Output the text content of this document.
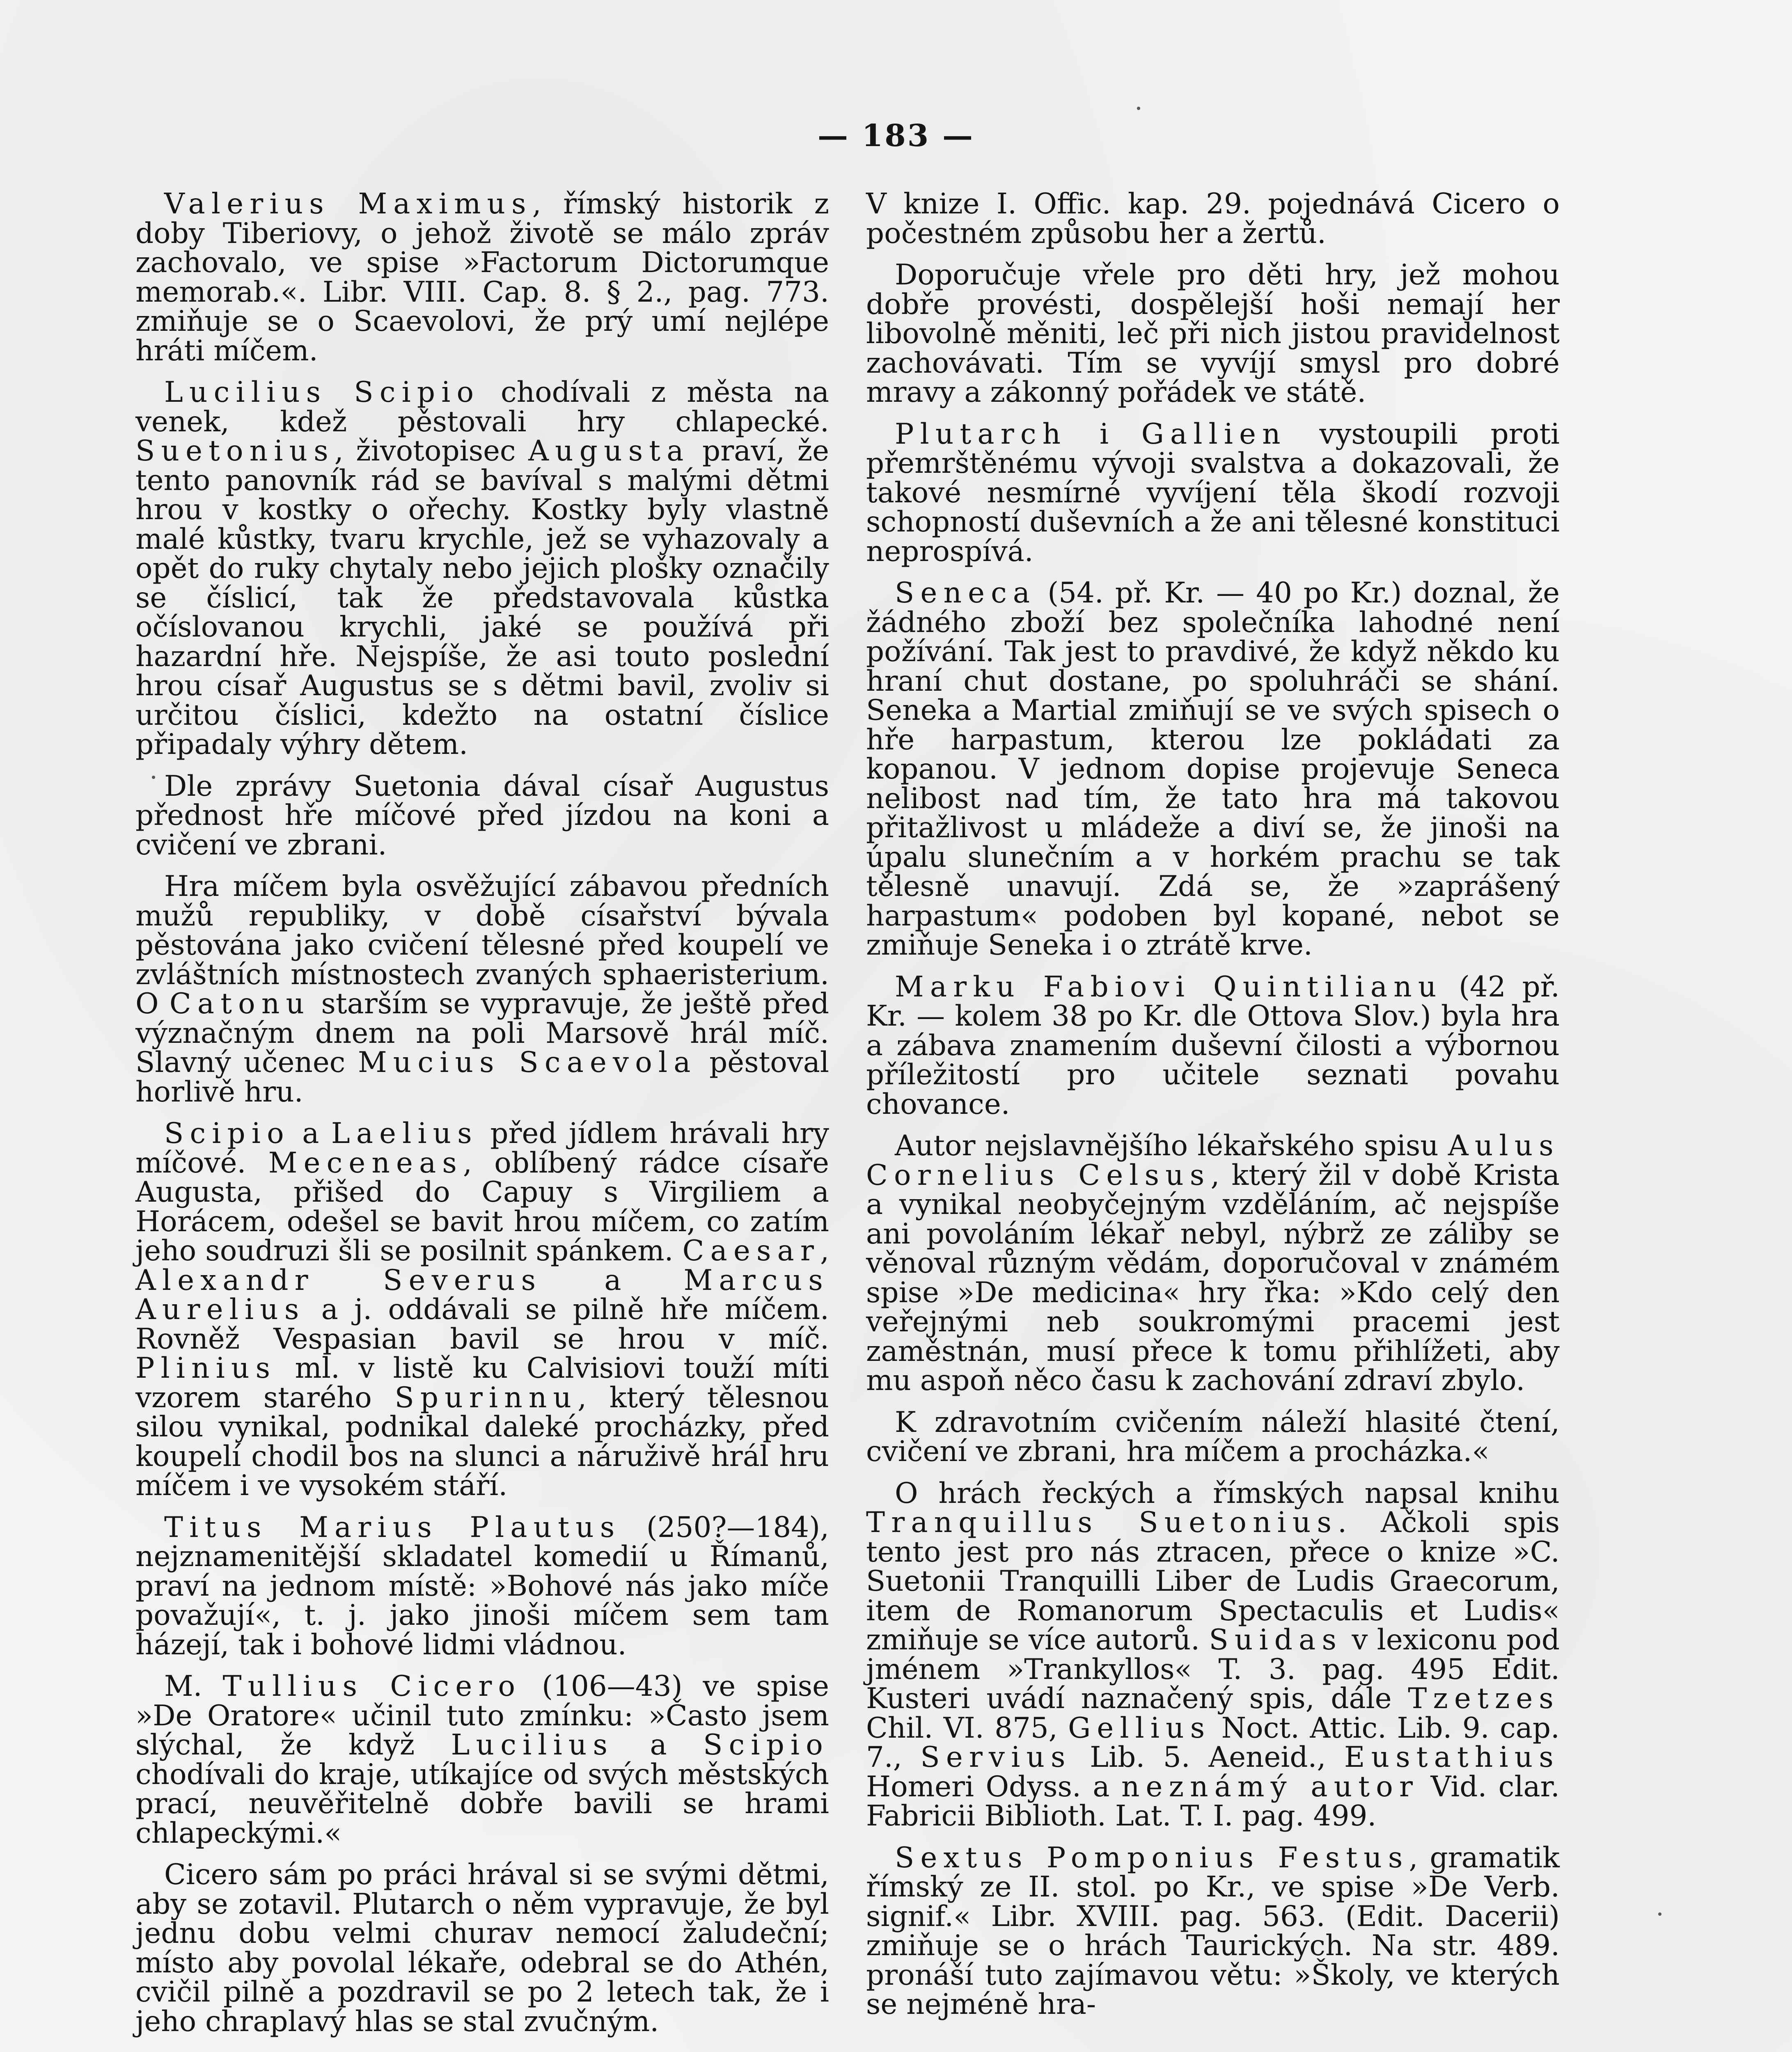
— 183 —

Valerius Maximus, římský historik z doby Tiberiovy, o jehož životě se málo zpráv zachovalo, ve spise »Factorum Dictorumque memorab.«. Libr. VIII. Cap. 8. § 2., pag. 773. zmiňuje se o Scaevolovi, že prý umí nejlépe hráti míčem.

Lucilius Scipio chodívali z města na venek, kdež pěstovali hry chlapecké. Suetonius, životopisec Augusta praví, že tento panovník rád se bavíval s malými dětmi hrou v kostky o ořechy. Kostky byly vlastně malé kůstky, tvaru krychle, jež se vyhazovaly a opět do ruky chytaly nebo jejich plošky označily se číslicí, tak že představovala kůstka očíslovanou krychli, jaké se používá při hazardní hře. Nejspíše, že asi touto poslední hrou císař Augustus se s dětmi bavil, zvoliv si určitou číslici, kdežto na ostatní číslice připadaly výhry dětem.

Dle zprávy Suetonia dával císař Augustus přednost hře míčové před jízdou na koni a cvičení ve zbrani.

Hra míčem byla osvěžující zábavou předních mužů republiky, v době císařství bývala pěstována jako cvičení tělesné před koupelí ve zvláštních místnostech zvaných sphaeristerium. O Catonu starším se vypravuje, že ještě před význačným dnem na poli Marsově hrál míč. Slavný učenec Mucius Scaevola pěstoval horlivě hru.

Scipio a Laelius před jídlem hrávali hry míčové. Meceneas, oblíbený rádce císaře Augusta, přišed do Capuy s Virgiliem a Horácem, odešel se bavit hrou míčem, co zatím jeho soudruzi šli se posilnit spánkem. Caesar, Alexandr Severus a Marcus Aurelius a j. oddávali se pilně hře míčem. Rovněž Vespasian bavil se hrou v míč. Plinius ml. v listě ku Calvisiovi touží míti vzorem starého Spurinnu, který tělesnou silou vynikal, podnikal daleké procházky, před koupelí chodil bos na slunci a náruživě hrál hru míčem i ve vysokém stáří.

Titus Marius Plautus (250?—184), nejznamenitější skladatel komedií u Římanů, praví na jednom místě: »Bohové nás jako míče považují«, t. j. jako jinoši míčem sem tam házejí, tak i bohové lidmi vládnou.

M. Tullius Cicero (106—43) ve spise »De Oratore« učinil tuto zmínku: »Často jsem slýchal, že když Lucilius a Scipio chodívali do kraje, utíkajíce od svých městských prací, neuvěřitelně dobře bavili se hrami chlapeckými.«

Cicero sám po práci hrával si se svými dětmi, aby se zotavil. Plutarch o něm vypravuje, že byl jednu dobu velmi churav nemocí žaludeční; místo aby povolal lékaře, odebral se do Athén, cvičil pilně a pozdravil se po 2 letech tak, že i jeho chraplavý hlas se stal zvučným.

V knize I. Offic. kap. 29. pojednává Cicero o počestném způsobu her a žertů.

Doporučuje vřele pro děti hry, jež mohou dobře provésti, dospělejší hoši nemají her libovolně měniti, leč při nich jistou pravidelnost zachovávati. Tím se vyvíjí smysl pro dobré mravy a zákonný pořádek ve státě.

Plutarch i Gallien vystoupili proti přemrštěnému vývoji svalstva a dokazovali, že takové nesmírné vyvíjení těla škodí rozvoji schopností duševních a že ani tělesné konstituci neprospívá.

Seneca (54. př. Kr. — 40 po Kr.) doznal, že žádného zboží bez společníka lahodné není požívání. Tak jest to pravdivé, že když někdo ku hraní chut dostane, po spoluhráči se shání. Seneka a Martial zmiňují se ve svých spisech o hře harpastum, kterou lze pokládati za kopanou. V jednom dopise projevuje Seneca nelibost nad tím, že tato hra má takovou přitažlivost u mládeže a diví se, že jinoši na úpalu slunečním a v horkém prachu se tak tělesně unavují. Zdá se, že »zaprášený harpastum« podoben byl kopané, nebot se zmiňuje Seneka i o ztrátě krve.

Marku Fabiovi Quintilianu (42 př. Kr. — kolem 38 po Kr. dle Ottova Slov.) byla hra a zábava znamením duševní čilosti a výbornou příležitostí pro učitele seznati povahu chovance.

Autor nejslavnějšího lékařského spisu Aulus Cornelius Celsus, který žil v době Krista a vynikal neobyčejným vzděláním, ač nejspíše ani povoláním lékař nebyl, nýbrž ze záliby se věnoval různým vědám, doporučoval v známém spise »De medicina« hry řka: »Kdo celý den veřejnými neb soukromými pracemi jest zaměstnán, musí přece k tomu přihlížeti, aby mu aspoň něco času k zachování zdraví zbylo.

K zdravotním cvičením náleží hlasité čtení, cvičení ve zbrani, hra míčem a procházka.«

O hrách řeckých a římských napsal knihu Tranquillus Suetonius. Ačkoli spis tento jest pro nás ztracen, přece o knize »C. Suetonii Tranquilli Liber de Ludis Graecorum, item de Romanorum Spectaculis et Ludis« zmiňuje se více autorů. Suidas v lexiconu pod jménem »Trankyllos« T. 3. pag. 495 Edit. Kusteri uvádí naznačený spis, dále Tzetzes Chil. VI. 875, Gellius Noct. Attic. Lib. 9. cap. 7., Servius Lib. 5. Aeneid., Eustathius Homeri Odyss. a neznámý autor Vid. clar. Fabricii Biblioth. Lat. T. I. pag. 499.

Sextus Pomponius Festus, gramatik římský ze II. stol. po Kr., ve spise »De Verb. signif.« Libr. XVIII. pag. 563. (Edit. Dacerii) zmiňuje se o hrách Taurických. Na str. 489. pronáší tuto zajímavou větu: »Školy, ve kterých se nejméně hra-
